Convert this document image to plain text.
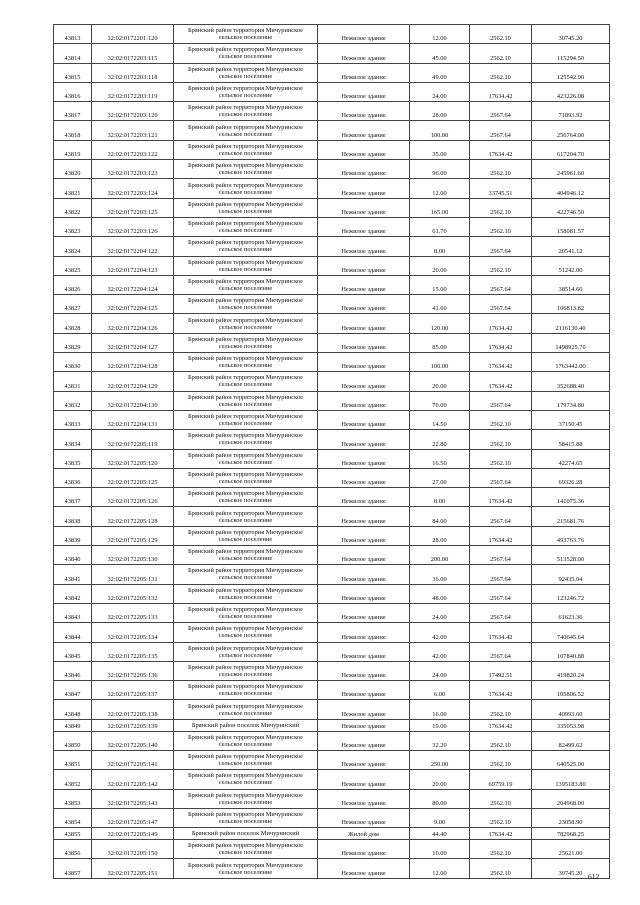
43813	32:02:0172201:120	Брянский район территория Мичуринское сельское поселение	Нежилое здание	12.00	2562.10	30745.20
43814	32:02:0172203:115	Брянский район территория Мичуринское сельское поселение	Нежилое здание	45.00	2562.10	115294.50
43815	32:02:0172203:118	Брянский район территория Мичуринское сельское поселение	Нежилое здание	49.00	2562.10	125542.90
43816	32:02:0172203:119	Брянский район территория Мичуринское сельское поселение	Нежилое здание	24.00	17634.42	423226.08
43817	32:02:0172203:120	Брянский район территория Мичуринское сельское поселение	Нежилое здание	28.00	2567.64	71893.92
43818	32:02:0172203:121	Брянский район территория Мичуринское сельское поселение	Нежилое здание	100.00	2567.64	256764.00
43819	32:02:0172203:122	Брянский район территория Мичуринское сельское поселение	Нежилое здание	35.00	17634.42	617204.70
43820	32:02:0172203:123	Брянский район территория Мичуринское сельское поселение	Нежилое здание	96.00	2562.10	245961.60
43821	32:02:0172203:124	Брянский район территория Мичуринское сельское поселение	Нежилое здание	12.00	33745.51	404946.12
43822	32:02:0172203:125	Брянский район территория Мичуринское сельское поселение	Нежилое здание	165.00	2562.10	422746.50
43823	32:02:0172203:126	Брянский район территория Мичуринское сельское поселение	Нежилое здание	61.70	2562.10	158081.57
43824	32:02:0172204:122	Брянский район территория Мичуринское сельское поселение	Нежилое здание	8.00	2567.64	20541.12
43825	32:02:0172204:123	Брянский район территория Мичуринское сельское поселение	Нежилое здание	20.00	2562.10	51242.00
43826	32:02:0172204:124	Брянский район территория Мичуринское сельское поселение	Нежилое здание	15.00	2567.64	38514.60
43827	32:02:0172204:125	Брянский район территория Мичуринское сельское поселение	Нежилое здание	41.60	2567.64	106813.82
43828	32:02:0172204:126	Брянский район территория Мичуринское сельское поселение	Нежилое здание	120.00	17634.42	2116130.40
43829	32:02:0172204:127	Брянский район территория Мичуринское сельское поселение	Нежилое здание	85.00	17634.42	1498925.70
43830	32:02:0172204:128	Брянский район территория Мичуринское сельское поселение	Нежилое здание	100.00	17634.42	1763442.00
43831	32:02:0172204:129	Брянский район территория Мичуринское сельское поселение	Нежилое здание	20.00	17634.42	352688.40
43832	32:02:0172204:130	Брянский район территория Мичуринское сельское поселение	Нежилое здание	70.00	2567.64	179734.80
43833	32:02:0172204:131	Брянский район территория Мичуринское сельское поселение	Нежилое здание	14.50	2562.10	37150.45
43834	32:02:0172205:119	Брянский район территория Мичуринское сельское поселение	Нежилое здание	22.80	2562.10	58415.88
43835	32:02:0172205:120	Брянский район территория Мичуринское сельское поселение	Нежилое здание	16.50	2562.10	42274.65
43836	32:02:0172205:125	Брянский район территория Мичуринское сельское поселение	Нежилое здание	27.00	2567.64	69326.28
43837	32:02:0172205:126	Брянский район территория Мичуринское сельское поселение	Нежилое здание	8.00	17634.42	141075.36
43838	32:02:0172205:128	Брянский район территория Мичуринское сельское поселение	Нежилое здание	84.00	2567.64	215681.76
43839	32:02:0172205:129	Брянский район территория Мичуринское сельское поселение	Нежилое здание	28.00	17634.42	493763.76
43840	32:02:0172205:130	Брянский район территория Мичуринское сельское поселение	Нежилое здание	200.00	2567.64	513528.00
43841	32:02:0172205:131	Брянский район территория Мичуринское сельское поселение	Нежилое здание	36.00	2567.64	92435.04
43842	32:02:0172205:132	Брянский район территория Мичуринское сельское поселение	Нежилое здание	48.00	2567.64	123246.72
43843	32:02:0172205:133	Брянский район территория Мичуринское сельское поселение	Нежилое здание	24.00	2567.64	61623.36
43844	32:02:0172205:134	Брянский район территория Мичуринское сельское поселение	Нежилое здание	42.00	17634.42	740645.64
43845	32:02:0172205:135	Брянский район территория Мичуринское сельское поселение	Нежилое здание	42.00	2567.64	107840.88
43846	32:02:0172205:136	Брянский район территория Мичуринское сельское поселение	Нежилое здание	24.00	17492.51	419820.24
43847	32:02:0172205:137	Брянский район территория Мичуринское сельское поселение	Нежилое здание	6.00	17634.42	105806.52
43848	32:02:0172205:138	Брянский район территория Мичуринское сельское поселение	Нежилое здание	16.00	2562.10	40993.60
43849	32:02:0172205:139	Брянский район поселок Мичуринский	Нежилое здание	19.00	17634.42	335053.98
43850	32:02:0172205:140	Брянский район территория Мичуринское сельское поселение	Нежилое здание	32.20	2562.10	82499.62
43851	32:02:0172205:141	Брянский район территория Мичуринское сельское поселение	Нежилое здание	250.00	2562.10	640525.00
43852	32:02:0172205:142	Брянский район территория Мичуринское сельское поселение	Нежилое здание	20.00	69759.19	1395183.80
43853	32:02:0172205:143	Брянский район территория Мичуринское сельское поселение	Нежилое здание	80.00	2562.10	204968.00
43854	32:02:0172205:147	Брянский район территория Мичуринское сельское поселение	Нежилое здание	9.00	2562.10	23058.90
43855	32:02:0172205:149	Брянский район поселок Мичуринский	Жилой дом	44.40	17634.42	782968.25
43856	32:02:0172205:150	Брянский район территория Мичуринское сельское поселение	Нежилое здание	10.00	2562.10	25621.00
43857	32:02:0172205:151	Брянский район территория Мичуринское сельское поселение	Нежилое здание	12.00	2562.10	30745.20 612
